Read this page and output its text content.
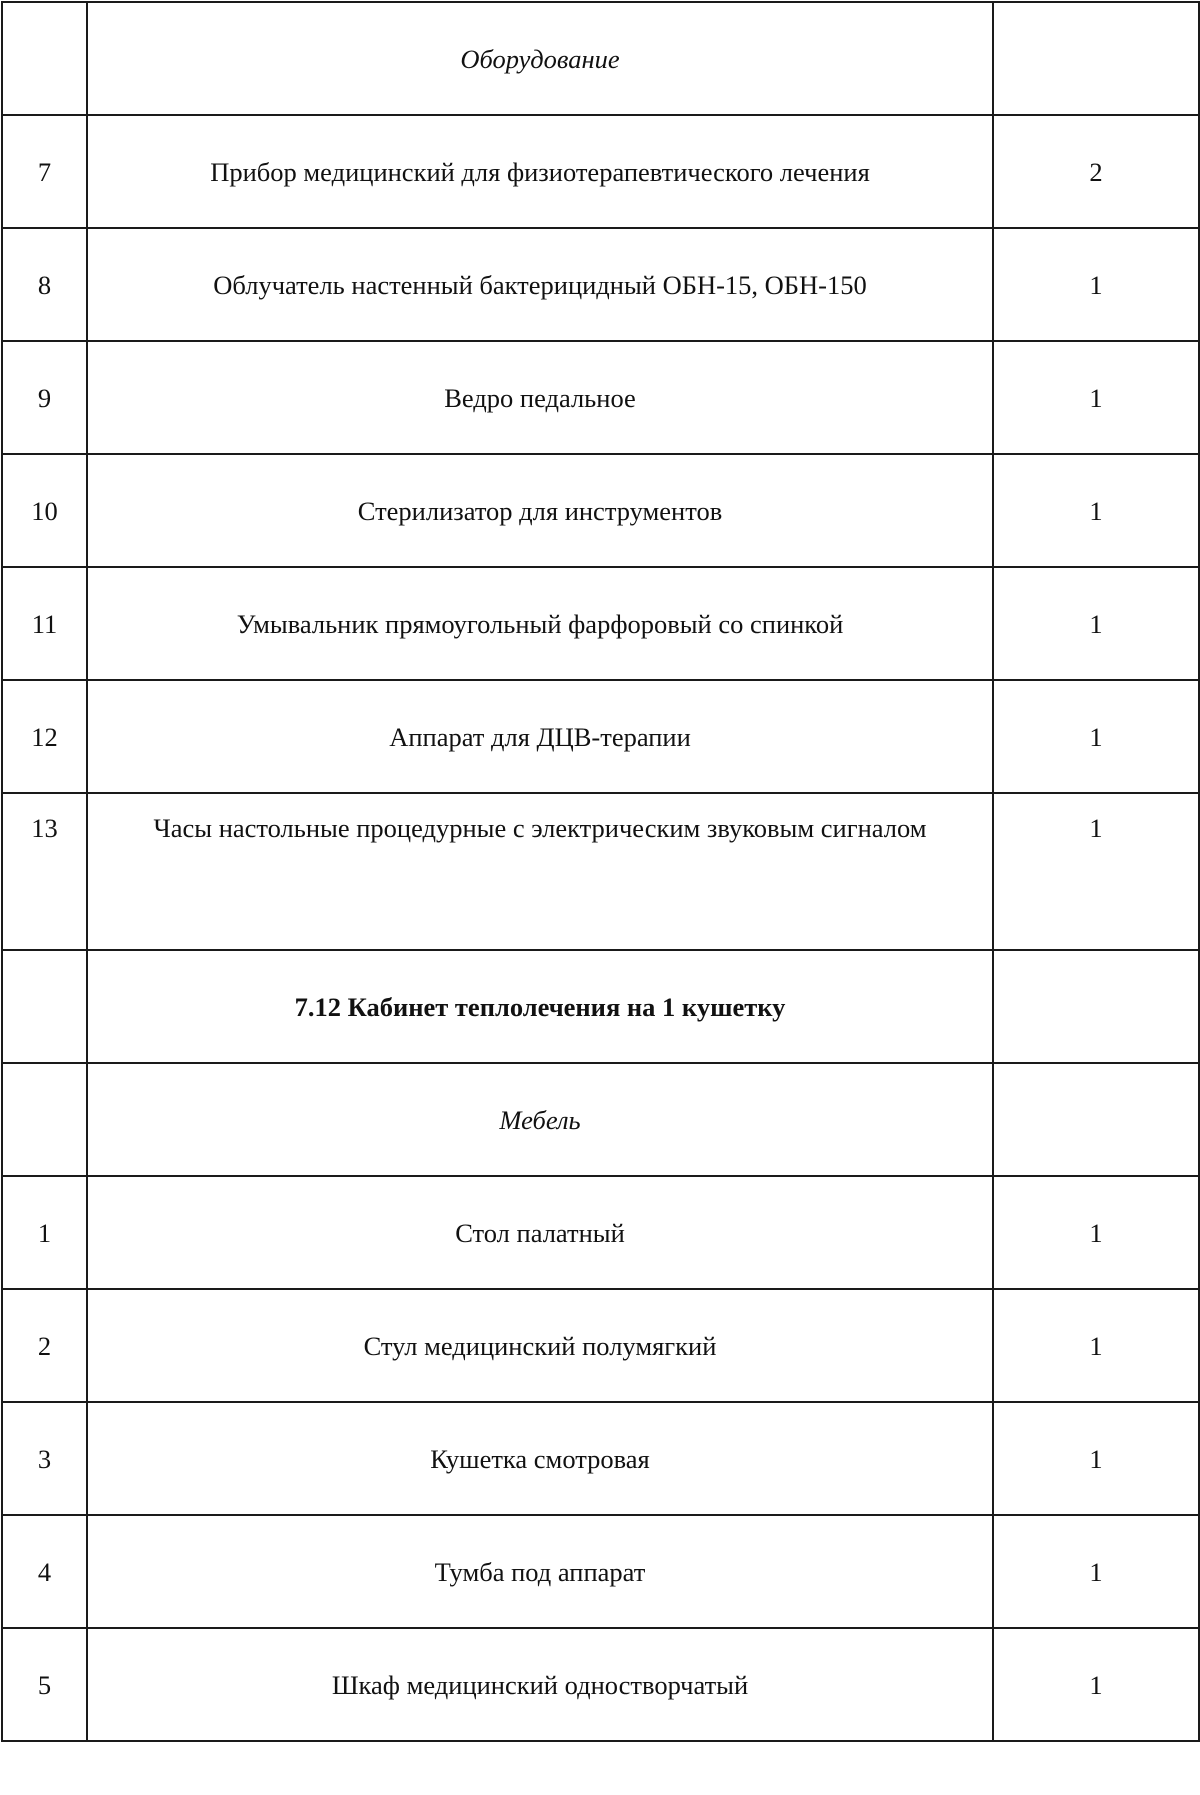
	Оборудование	
7	Прибор медицинский для физиотерапевтического лечения	2
8	Облучатель настенный бактерицидный ОБН-15, ОБН-150	1
9	Ведро педальное	1
10	Стерилизатор для инструментов	1
11	Умывальник прямоугольный фарфоровый со спинкой	1
12	Аппарат для ДЦВ-терапии	1
13	Часы настольные процедурные с электрическим звуковым сигналом	1
	7.12 Кабинет теплолечения на 1 кушетку	
	Мебель	
1	Стол палатный	1
2	Стул медицинский полумягкий	1
3	Кушетка смотровая	1
4	Тумба под аппарат	1
5	Шкаф медицинский одностворчатый	1
